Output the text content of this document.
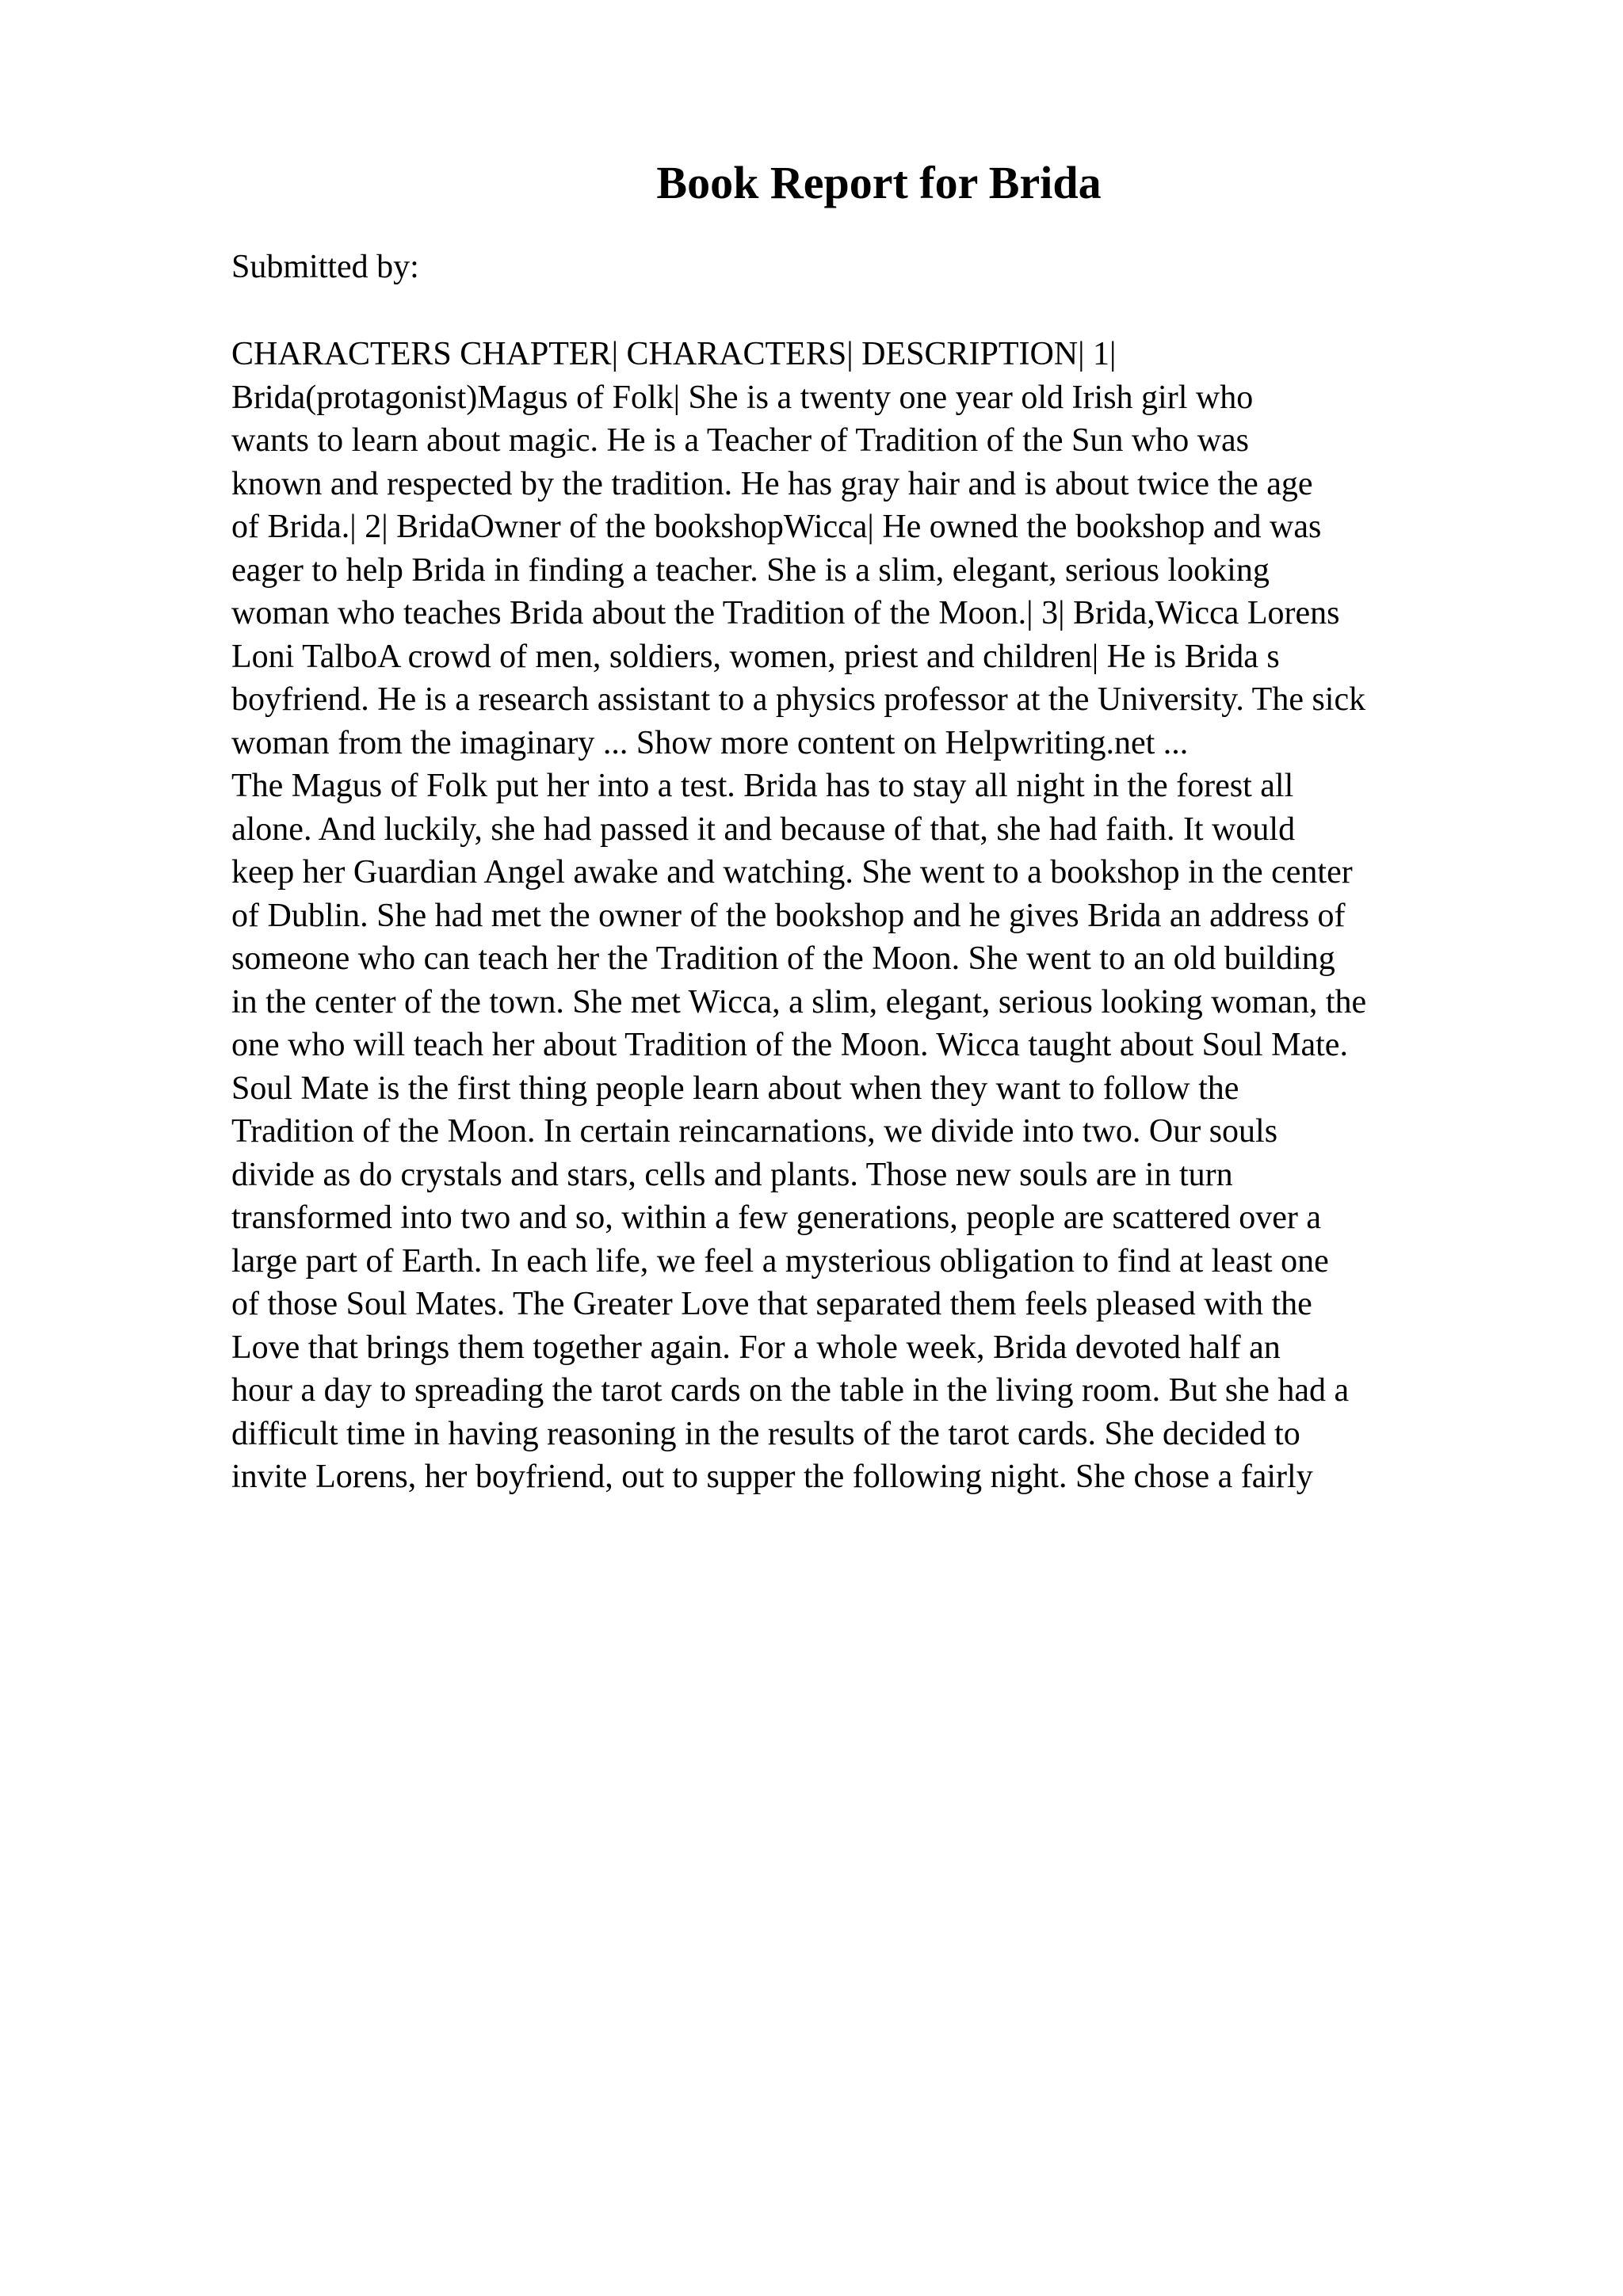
Book Report for Brida

Submitted by:

CHARACTERS CHAPTER| CHARACTERS| DESCRIPTION| 1|
Brida(protagonist)Magus of Folk| She is a twenty one year old Irish girl who
wants to learn about magic. He is a Teacher of Tradition of the Sun who was
known and respected by the tradition. He has gray hair and is about twice the age
of Brida.| 2| BridaOwner of the bookshopWicca| He owned the bookshop and was
eager to help Brida in finding a teacher. She is a slim, elegant, serious looking
woman who teaches Brida about the Tradition of the Moon.| 3| Brida,Wicca Lorens
Loni TalboA crowd of men, soldiers, women, priest and children| He is Brida s
boyfriend. He is a research assistant to a physics professor at the University. The sick
woman from the imaginary ... Show more content on Helpwriting.net ...
The Magus of Folk put her into a test. Brida has to stay all night in the forest all
alone. And luckily, she had passed it and because of that, she had faith. It would
keep her Guardian Angel awake and watching. She went to a bookshop in the center
of Dublin. She had met the owner of the bookshop and he gives Brida an address of
someone who can teach her the Tradition of the Moon. She went to an old building
in the center of the town. She met Wicca, a slim, elegant, serious looking woman, the
one who will teach her about Tradition of the Moon. Wicca taught about Soul Mate.
Soul Mate is the first thing people learn about when they want to follow the
Tradition of the Moon. In certain reincarnations, we divide into two. Our souls
divide as do crystals and stars, cells and plants. Those new souls are in turn
transformed into two and so, within a few generations, people are scattered over a
large part of Earth. In each life, we feel a mysterious obligation to find at least one
of those Soul Mates. The Greater Love that separated them feels pleased with the
Love that brings them together again. For a whole week, Brida devoted half an
hour a day to spreading the tarot cards on the table in the living room. But she had a
difficult time in having reasoning in the results of the tarot cards. She decided to
invite Lorens, her boyfriend, out to supper the following night. She chose a fairly
